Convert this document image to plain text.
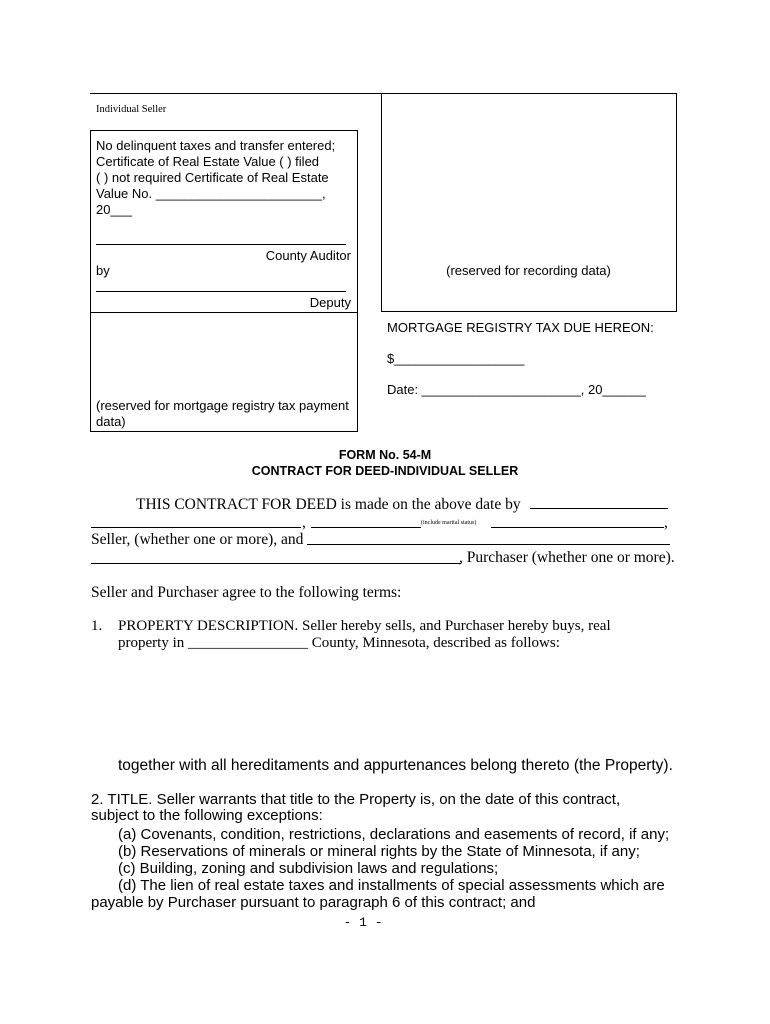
Individual Seller
No delinquent taxes and transfer entered;
Certificate of Real Estate Value ( ) filed
( ) not required Certificate of Real Estate
Value No. _______________________,
20___
County Auditor
by
Deputy
(reserved for mortgage registry tax payment data)
(reserved for recording data)
MORTGAGE REGISTRY TAX DUE HEREON:
$__________________
Date: ______________________, 20______
FORM No. 54-M
CONTRACT FOR DEED-INDIVIDUAL SELLER
THIS CONTRACT FOR DEED is made on the above date by
,	(include marital status)	,
Seller, (whether one or more), and
, Purchaser (whether one or more).
Seller and Purchaser agree to the following terms:
1. PROPERTY DESCRIPTION. Seller hereby sells, and Purchaser hereby buys, real
property in ________________ County, Minnesota, described as follows:
together with all hereditaments and appurtenances belong thereto (the Property).
2. TITLE. Seller warrants that title to the Property is, on the date of this contract,
subject to the following exceptions:
(a) Covenants, condition, restrictions, declarations and easements of record, if any;
(b) Reservations of minerals or mineral rights by the State of Minnesota, if any;
(c) Building, zoning and subdivision laws and regulations;
(d) The lien of real estate taxes and installments of special assessments which are
payable by Purchaser pursuant to paragraph 6 of this contract; and
- 1 -
